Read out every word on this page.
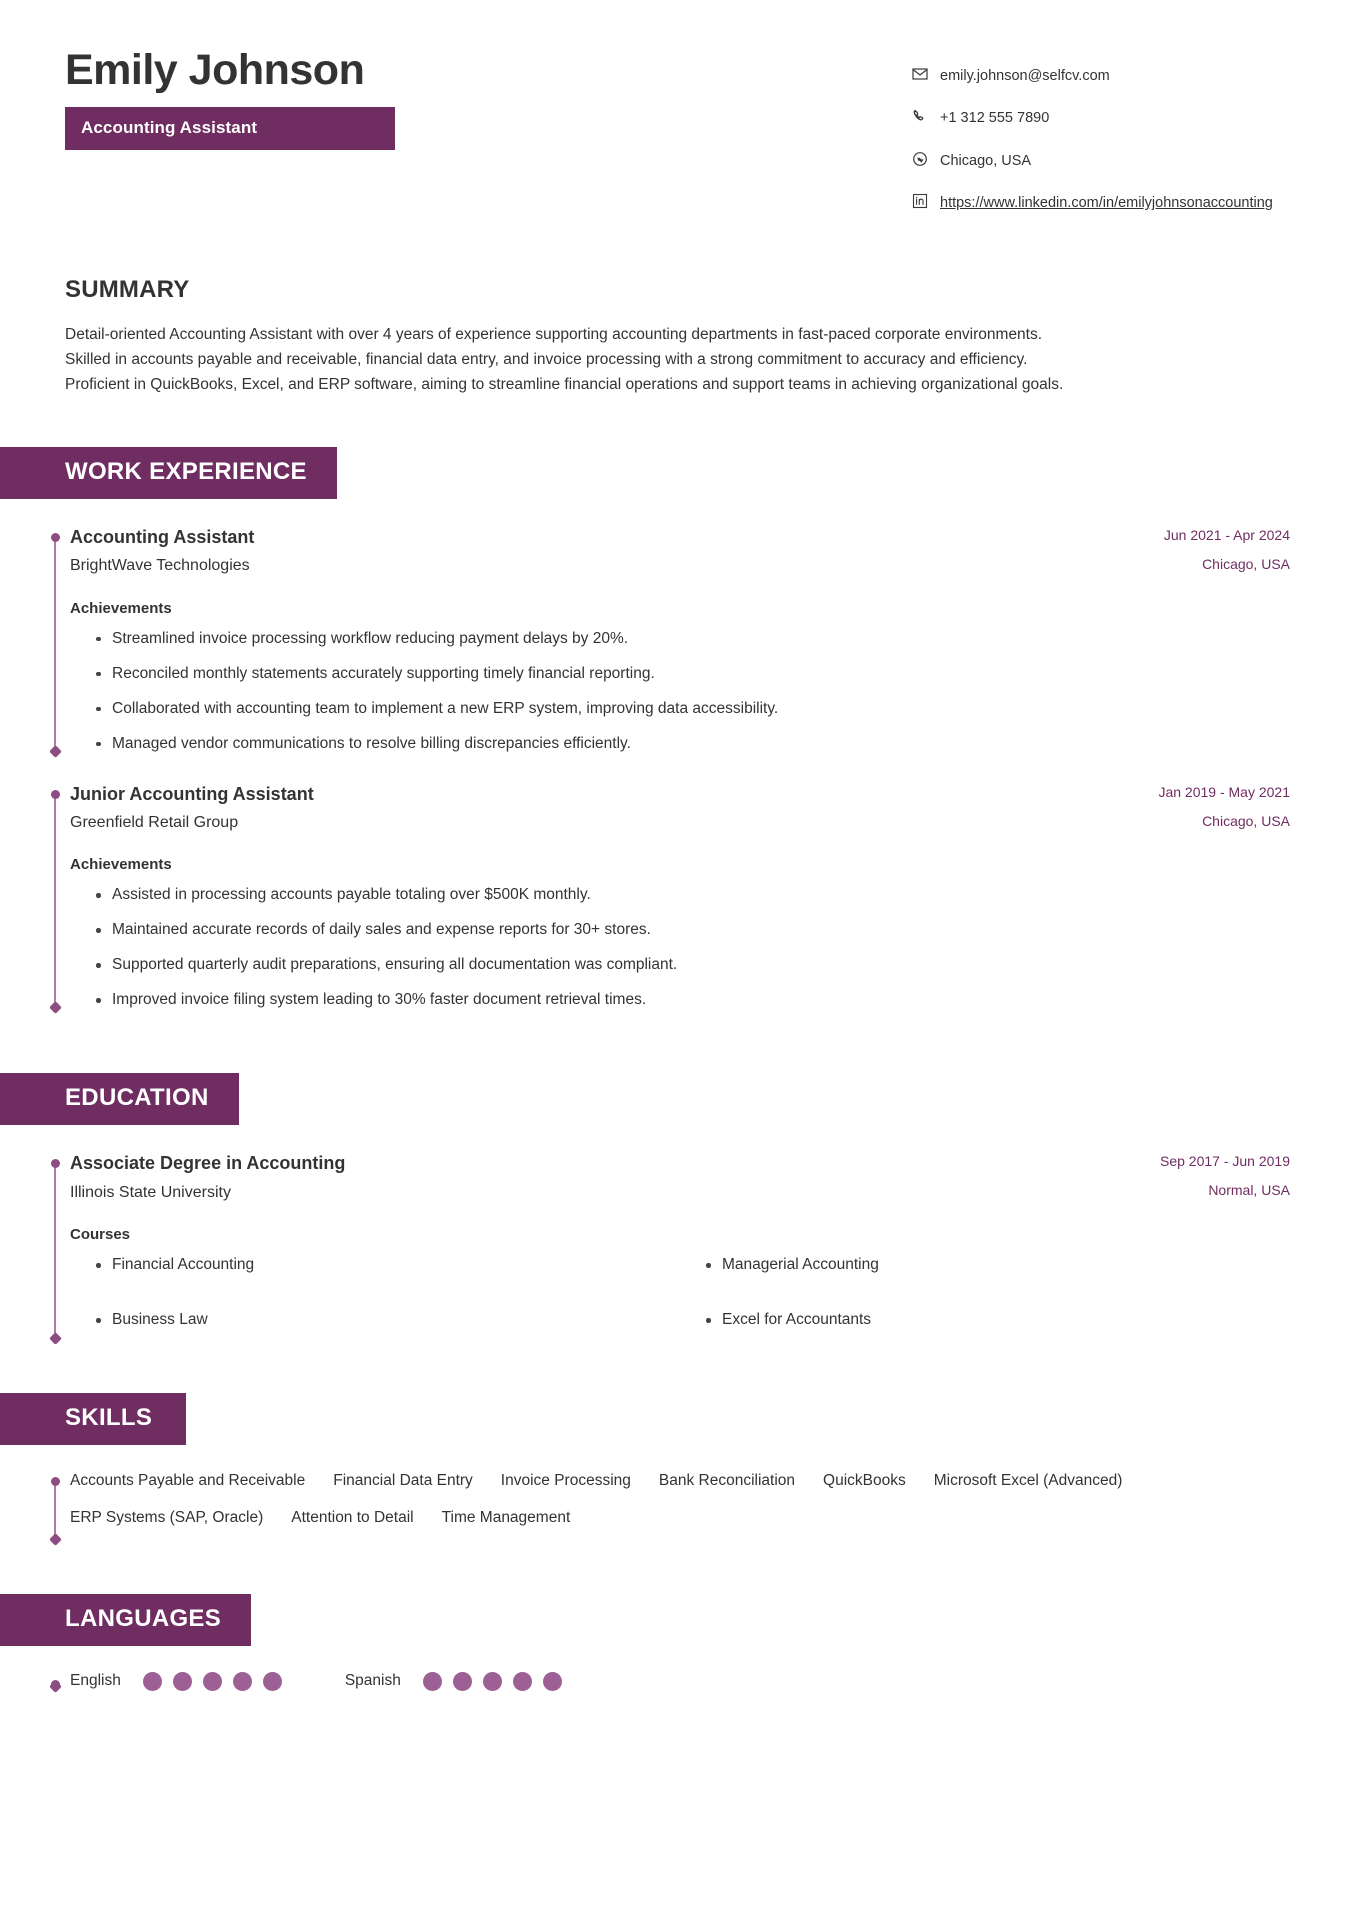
Emily Johnson
Accounting Assistant
emily.johnson@selfcv.com
+1 312 555 7890
Chicago, USA
https://www.linkedin.com/in/emilyjohnsonaccounting
SUMMARY
Detail-oriented Accounting Assistant with over 4 years of experience supporting accounting departments in fast-paced corporate environments. Skilled in accounts payable and receivable, financial data entry, and invoice processing with a strong commitment to accuracy and efficiency. Proficient in QuickBooks, Excel, and ERP software, aiming to streamline financial operations and support teams in achieving organizational goals.
WORK EXPERIENCE
Accounting Assistant
BrightWave Technologies
Jun 2021 - Apr 2024
Chicago, USA
Achievements
Streamlined invoice processing workflow reducing payment delays by 20%.
Reconciled monthly statements accurately supporting timely financial reporting.
Collaborated with accounting team to implement a new ERP system, improving data accessibility.
Managed vendor communications to resolve billing discrepancies efficiently.
Junior Accounting Assistant
Greenfield Retail Group
Jan 2019 - May 2021
Chicago, USA
Achievements
Assisted in processing accounts payable totaling over $500K monthly.
Maintained accurate records of daily sales and expense reports for 30+ stores.
Supported quarterly audit preparations, ensuring all documentation was compliant.
Improved invoice filing system leading to 30% faster document retrieval times.
EDUCATION
Associate Degree in Accounting
Illinois State University
Sep 2017 - Jun 2019
Normal, USA
Courses
Financial Accounting	Managerial Accounting
Business Law	Excel for Accountants
SKILLS
Accounts Payable and Receivable Financial Data Entry Invoice Processing Bank Reconciliation QuickBooks Microsoft Excel (Advanced)
ERP Systems (SAP, Oracle) Attention to Detail Time Management
LANGUAGES
English	Spanish
